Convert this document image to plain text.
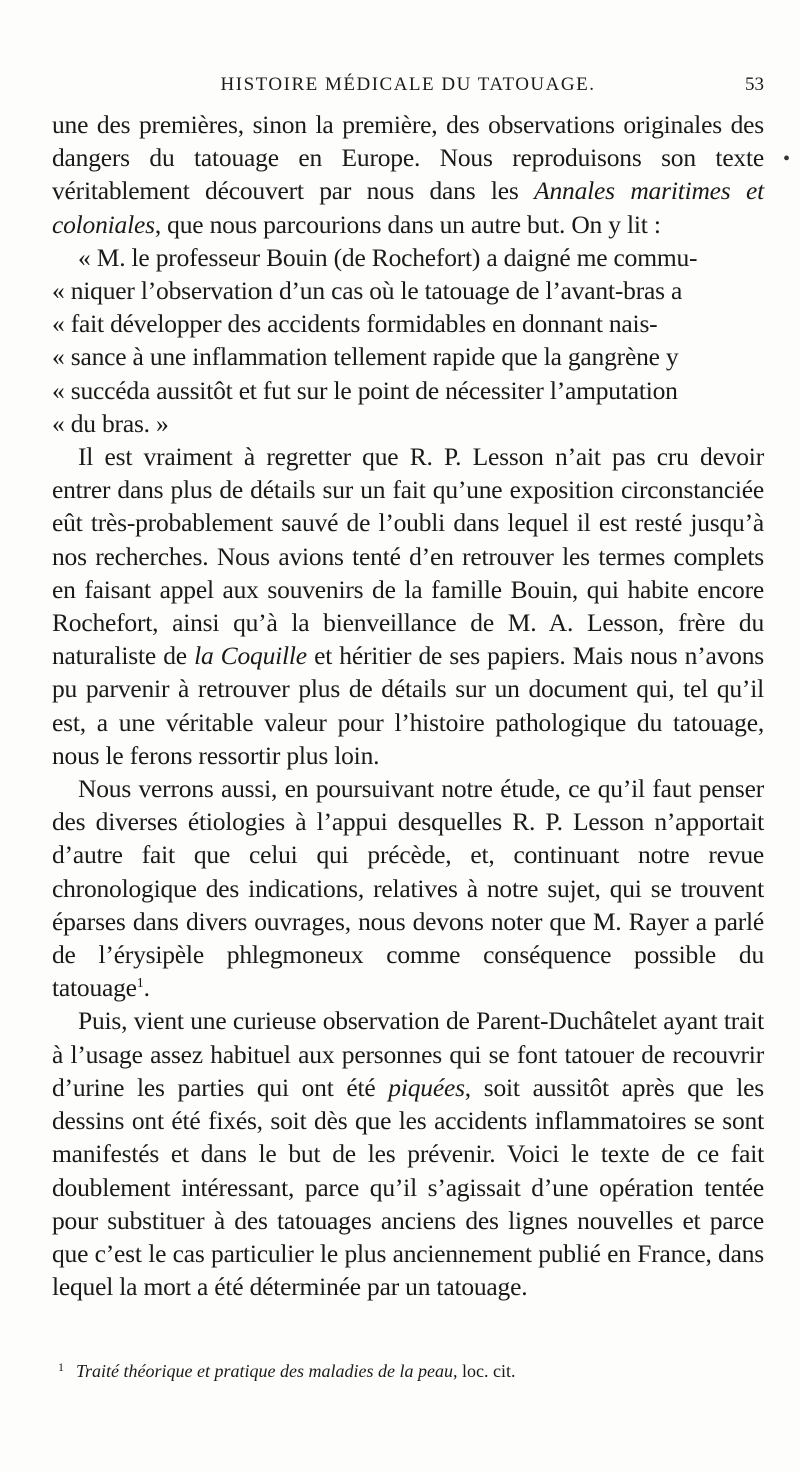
HISTOIRE MÉDICALE DU TATOUAGE.	53
•

une des premières, sinon la première, des observations originales des dangers du tatouage en Europe. Nous reproduisons son texte véritablement découvert par nous dans les Annales maritimes et coloniales, que nous parcourions dans un autre but. On y lit :

« M. le professeur Bouin (de Rochefort) a daigné me commu-
« niquer l’observation d’un cas où le tatouage de l’avant-bras a
« fait développer des accidents formidables en donnant nais-
« sance à une inflammation tellement rapide que la gangrène y
« succéda aussitôt et fut sur le point de nécessiter l’amputation
« du bras. »

Il est vraiment à regretter que R. P. Lesson n’ait pas cru devoir entrer dans plus de détails sur un fait qu’une exposition circonstanciée eût très-probablement sauvé de l’oubli dans lequel il est resté jusqu’à nos recherches. Nous avions tenté d’en retrouver les termes complets en faisant appel aux souvenirs de la famille Bouin, qui habite encore Rochefort, ainsi qu’à la bienveillance de M. A. Lesson, frère du naturaliste de la Coquille et héritier de ses papiers. Mais nous n’avons pu parvenir à retrouver plus de détails sur un document qui, tel qu’il est, a une véritable valeur pour l’histoire pathologique du tatouage, nous le ferons ressortir plus loin.

Nous verrons aussi, en poursuivant notre étude, ce qu’il faut penser des diverses étiologies à l’appui desquelles R. P. Lesson n’apportait d’autre fait que celui qui précède, et, continuant notre revue chronologique des indications, relatives à notre sujet, qui se trouvent éparses dans divers ouvrages, nous devons noter que M. Rayer a parlé de l’érysipèle phlegmoneux comme conséquence possible du tatouage$^1$.

Puis, vient une curieuse observation de Parent-Duchâtelet ayant trait à l’usage assez habituel aux personnes qui se font tatouer de recouvrir d’urine les parties qui ont été piquées, soit aussitôt après que les dessins ont été fixés, soit dès que les accidents inflammatoires se sont manifestés et dans le but de les prévenir. Voici le texte de ce fait doublement intéressant, parce qu’il s’agissait d’une opération tentée pour substituer à des tatouages anciens des lignes nouvelles et parce que c’est le cas particulier le plus anciennement publié en France, dans lequel la mort a été déterminée par un tatouage.

$^1$ Traité théorique et pratique des maladies de la peau, loc. cit.
